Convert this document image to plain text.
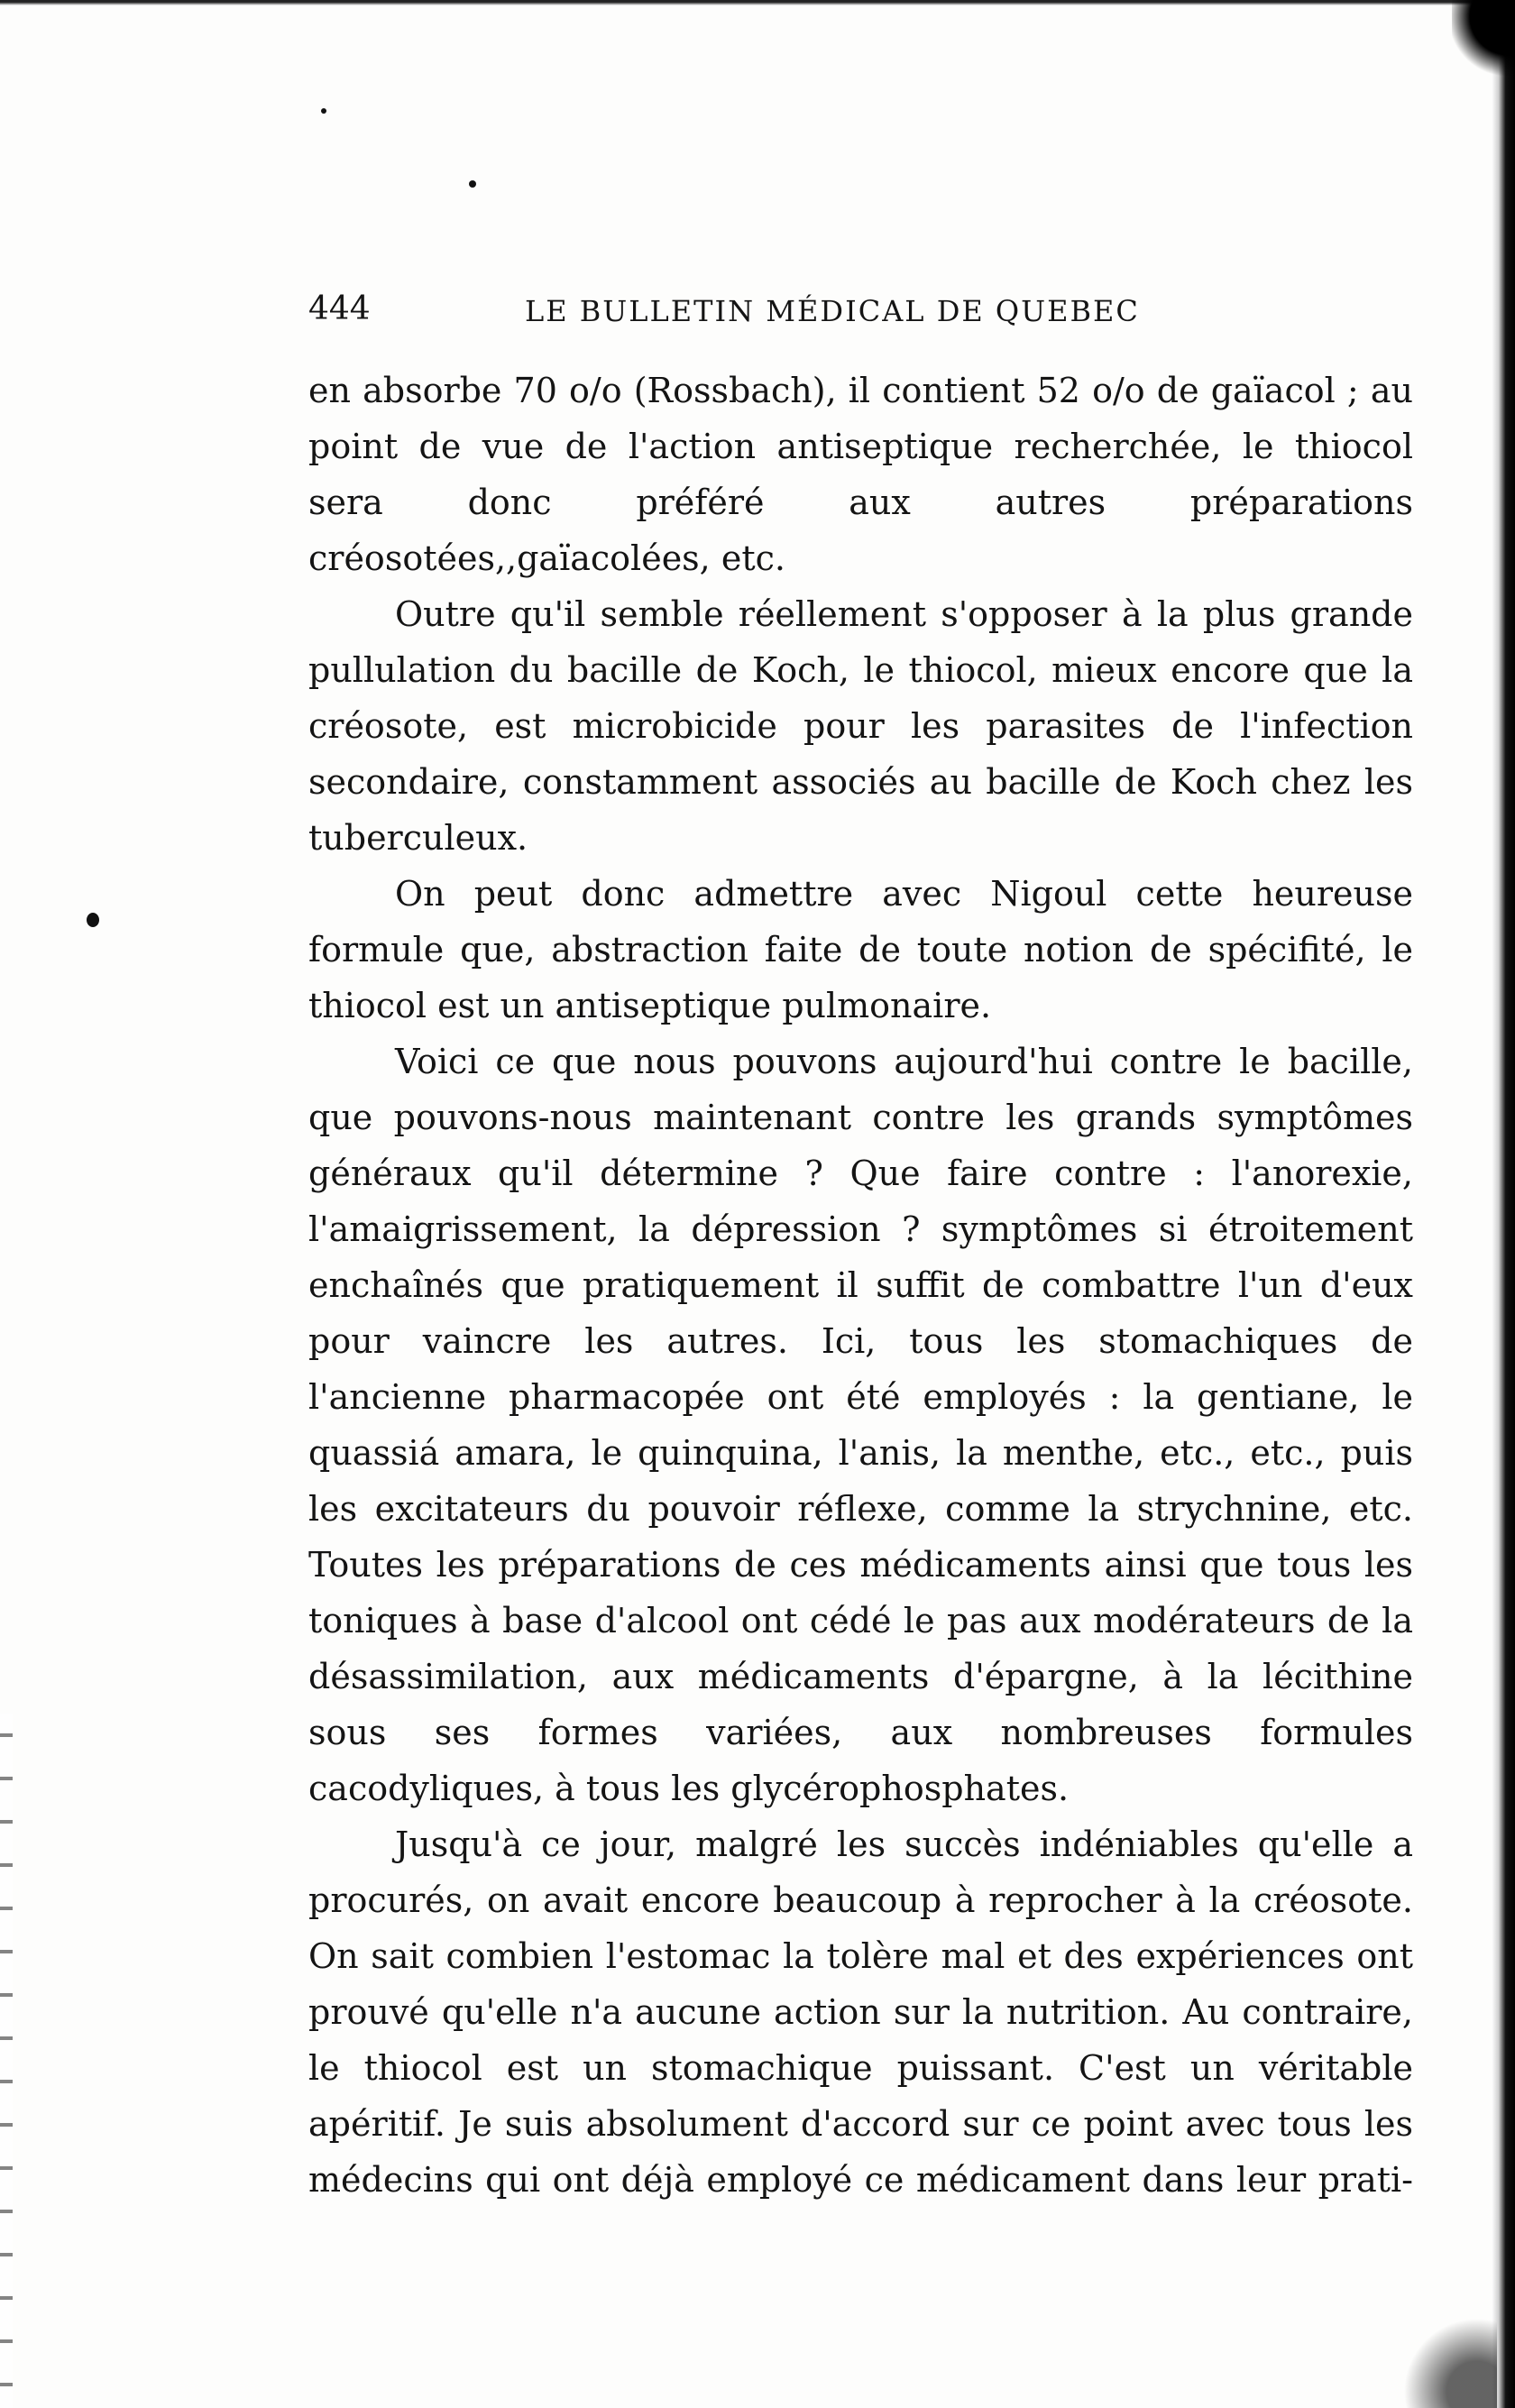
444	LE BULLETIN MÉDICAL DE QUEBEC

en absorbe 70 o/o (Rossbach), il contient 52 o/o de gaïacol ; au point de vue de l'action antiseptique recherchée, le thiocol sera donc préféré aux autres préparations créosotées,,gaïacolées, etc.

Outre qu'il semble réellement s'opposer à la plus grande pullulation du bacille de Koch, le thiocol, mieux encore que la créosote, est microbicide pour les parasites de l'infection secondaire, constamment associés au bacille de Koch chez les tuberculeux.

On peut donc admettre avec Nigoul cette heureuse formule que, abstraction faite de toute notion de spécifité, le thiocol est un antiseptique pulmonaire.

Voici ce que nous pouvons aujourd'hui contre le bacille, que pouvons-nous maintenant contre les grands symptômes généraux qu'il détermine ? Que faire contre : l'anorexie, l'amaigrissement, la dépression ? symptômes si étroitement enchaînés que pratiquement il suffit de combattre l'un d'eux pour vaincre les autres. Ici, tous les stomachiques de l'ancienne pharmacopée ont été employés : la gentiane, le quassiá amara, le quinquina, l'anis, la menthe, etc., etc., puis les excitateurs du pouvoir réflexe, comme la strychnine, etc. Toutes les préparations de ces médicaments ainsi que tous les toniques à base d'alcool ont cédé le pas aux modérateurs de la désassimilation, aux médicaments d'épargne, à la lécithine sous ses formes variées, aux nombreuses formules cacodyliques, à tous les glycérophosphates.

Jusqu'à ce jour, malgré les succès indéniables qu'elle a procurés, on avait encore beaucoup à reprocher à la créosote. On sait combien l'estomac la tolère mal et des expériences ont prouvé qu'elle n'a aucune action sur la nutrition. Au contraire, le thiocol est un stomachique puissant. C'est un véritable apéritif. Je suis absolument d'accord sur ce point avec tous les médecins qui ont déjà employé ce médicament dans leur prati-
